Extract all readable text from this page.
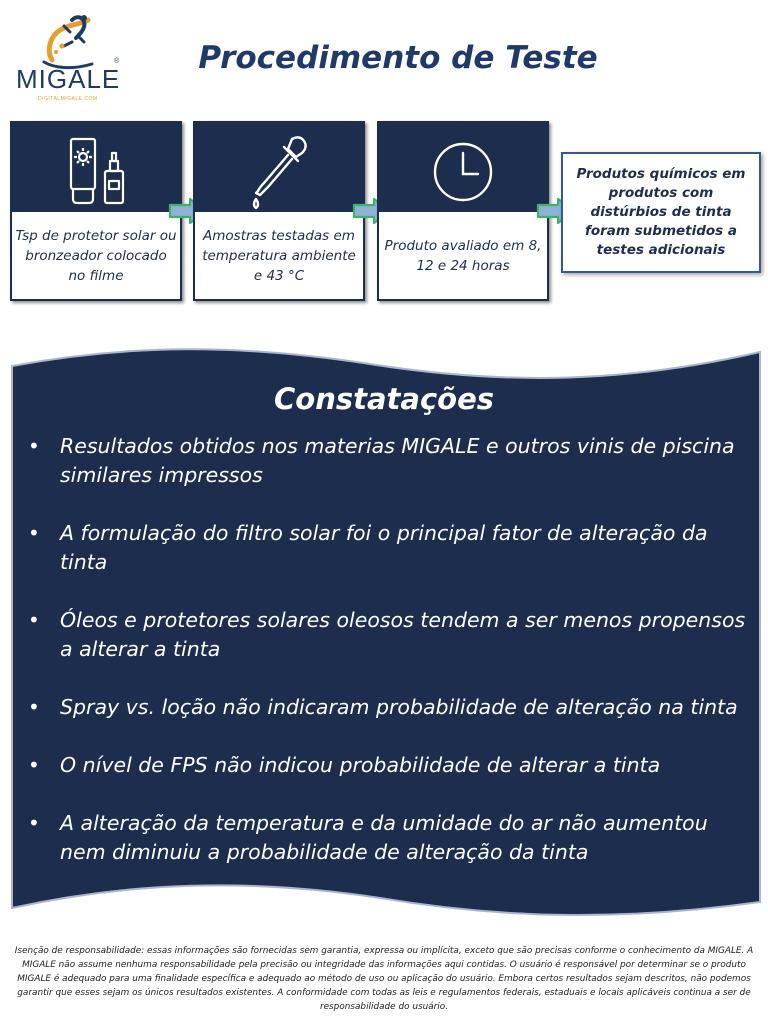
MIGALE
®
DIGITALMIGALE.COM
Procedimento de Teste
Tsp de protetor solar ou bronzeador colocado no filme
Amostras testadas em temperatura ambiente e 43 °C
Produto avaliado em 8, 12 e 24 horas
Produtos químicos em produtos com distúrbios de tinta foram submetidos a testes adicionais
Constatações
• Resultados obtidos nos materias MIGALE e outros vinis de piscina similares impressos
• A formulação do filtro solar foi o principal fator de alteração da tinta
• Óleos e protetores solares oleosos tendem a ser menos propensos a alterar a tinta
• Spray vs. loção não indicaram probabilidade de alteração na tinta
• O nível de FPS não indicou probabilidade de alterar a tinta
• A alteração da temperatura e da umidade do ar não aumentou nem diminuiu a probabilidade de alteração da tinta

Isenção de responsabilidade: essas informações são fornecidas sem garantia, expressa ou implícita, exceto que são precisas conforme o conhecimento da MIGALE. A MIGALE não assume nenhuma responsabilidade pela precisão ou integridade das informações aqui contidas. O usuário é responsável por determinar se o produto MIGALE é adequado para uma finalidade específica e adequado ao método de uso ou aplicação do usuário. Embora certos resultados sejam descritos, não podemos garantir que esses sejam os únicos resultados existentes. A conformidade com todas as leis e regulamentos federais, estaduais e locais aplicáveis continua a ser de responsabilidade do usuário.
